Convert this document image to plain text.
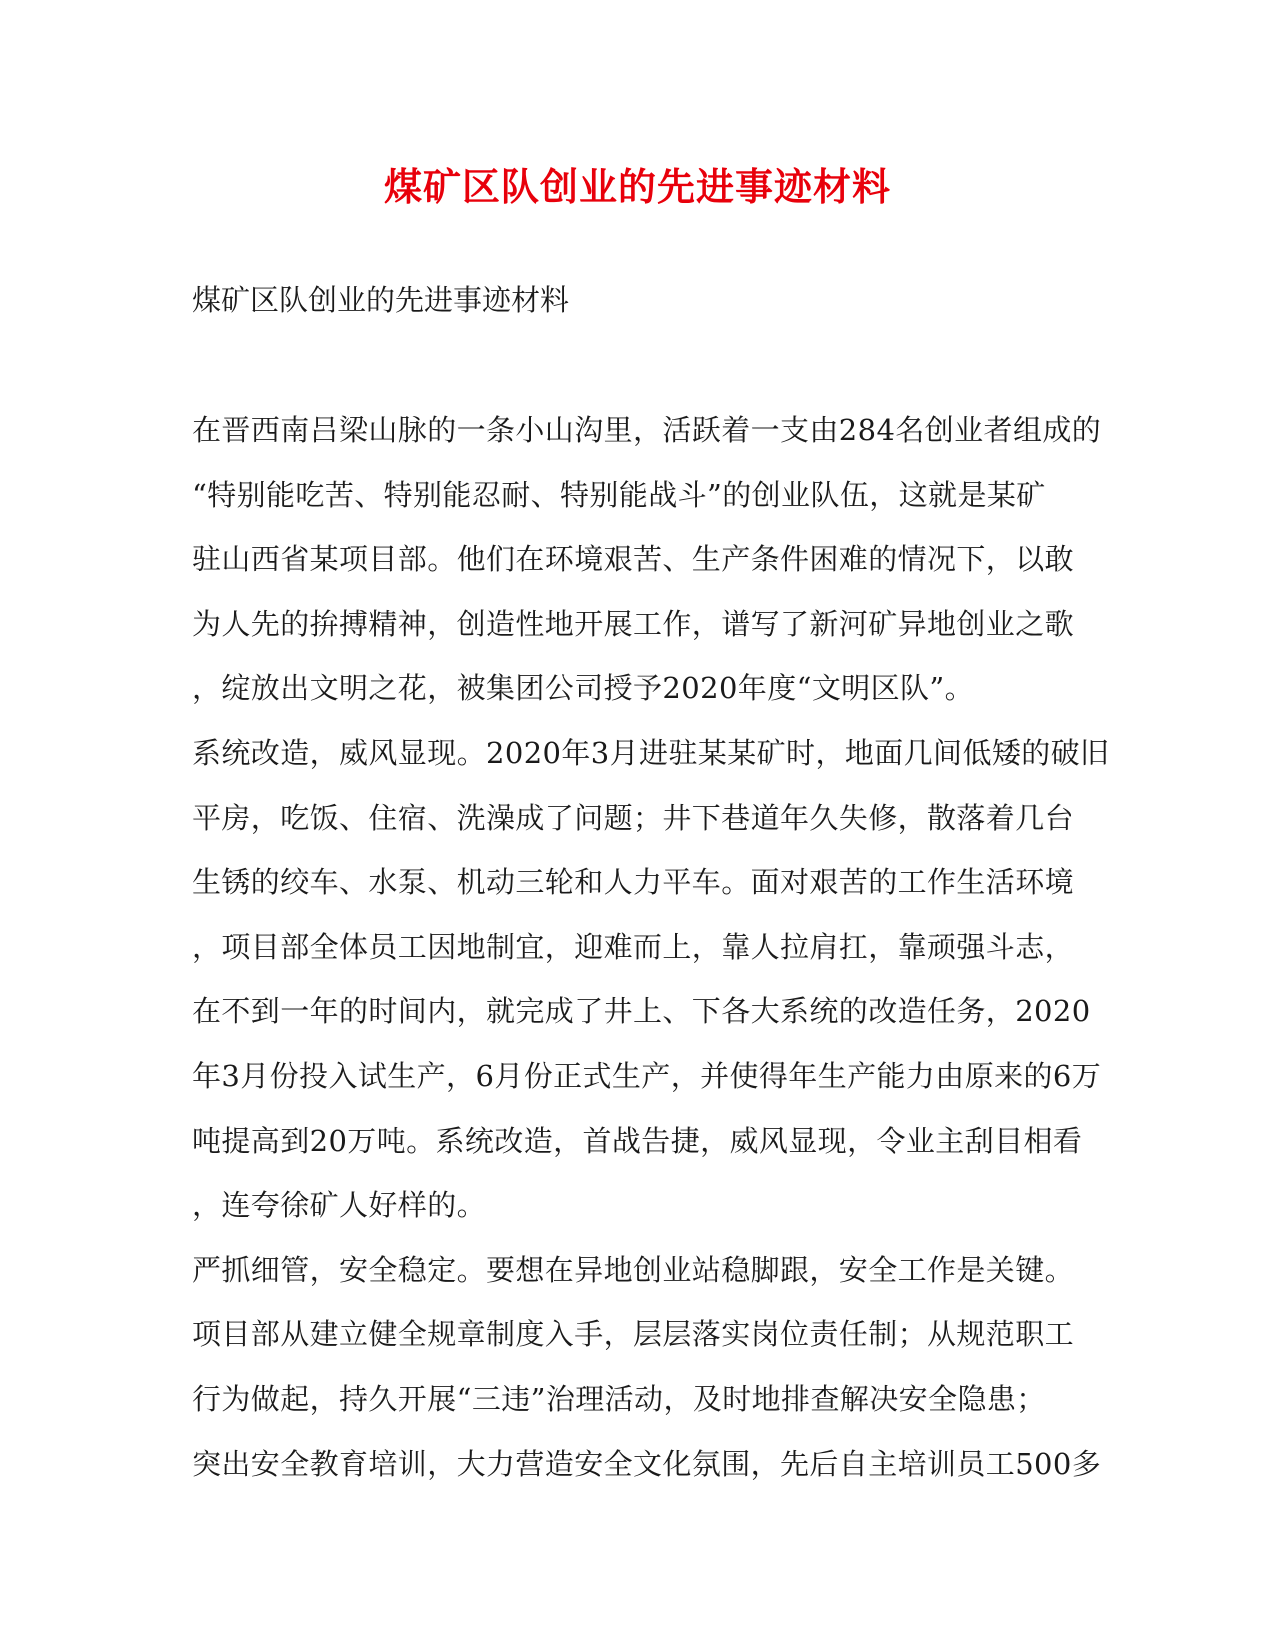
煤矿区队创业的先进事迹材料
煤矿区队创业的先进事迹材料
在晋西南吕梁山脉的一条小山沟里，活跃着一支由284名创业者组成的
“特别能吃苦、特别能忍耐、特别能战斗”的创业队伍，这就是某矿
驻山西省某项目部。他们在环境艰苦、生产条件困难的情况下，以敢
为人先的拚搏精神，创造性地开展工作，谱写了新河矿异地创业之歌
，绽放出文明之花，被集团公司授予2020年度“文明区队”。
系统改造，威风显现。2020年3月进驻某某矿时，地面几间低矮的破旧
平房，吃饭、住宿、洗澡成了问题；井下巷道年久失修，散落着几台
生锈的绞车、水泵、机动三轮和人力平车。面对艰苦的工作生活环境
，项目部全体员工因地制宜，迎难而上，靠人拉肩扛，靠顽强斗志，
在不到一年的时间内，就完成了井上、下各大系统的改造任务，2020
年3月份投入试生产，6月份正式生产，并使得年生产能力由原来的6万
吨提高到20万吨。系统改造，首战告捷，威风显现，令业主刮目相看
，连夸徐矿人好样的。
严抓细管，安全稳定。要想在异地创业站稳脚跟，安全工作是关键。
项目部从建立健全规章制度入手，层层落实岗位责任制；从规范职工
行为做起，持久开展“三违”治理活动，及时地排查解决安全隐患；
突出安全教育培训，大力营造安全文化氛围，先后自主培训员工500多
